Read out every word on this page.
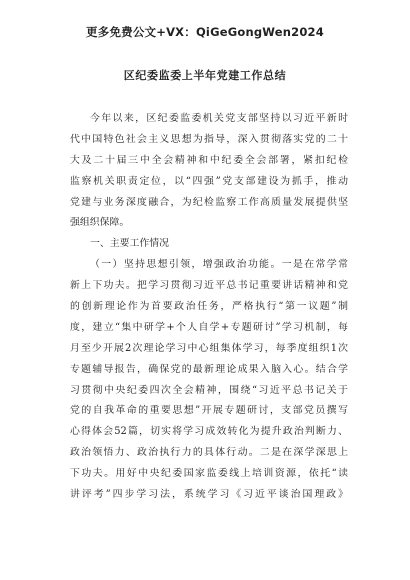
更多免费公文+VX：QiGeGongWen2024
区纪委监委上半年党建工作总结
今年以来，区纪委监委机关党支部坚持以习近平新时
代中国特色社会主义思想为指导，深入贯彻落实党的二十
大及二十届三中全会精神和中纪委全会部署，紧扣纪检
监察机关职责定位，以“四强”党支部建设为抓手，推动
党建与业务深度融合，为纪检监察工作高质量发展提供坚
强组织保障。
一、主要工作情况
（一）坚持思想引领，增强政治功能。一是在常学常
新上下功夫。把学习贯彻习近平总书记重要讲话精神和党
的创新理论作为首要政治任务，严格执行“第一议题”制
度，建立“集中研学+个人自学+专题研讨”学习机制，每
月至少开展2次理论学习中心组集体学习，每季度组织1次
专题辅导报告，确保党的最新理论成果入脑入心。结合学
习贯彻中央纪委四次全会精神，围绕“习近平总书记关于
党的自我革命的重要思想”开展专题研讨，支部党员撰写
心得体会52篇，切实将学习成效转化为提升政治判断力、
政治领悟力、政治执行力的具体行动。二是在深学深思上
下功夫。用好中央纪委国家监委线上培训资源，依托“读
讲评考”四步学习法，系统学习《习近平谈治国理政》
